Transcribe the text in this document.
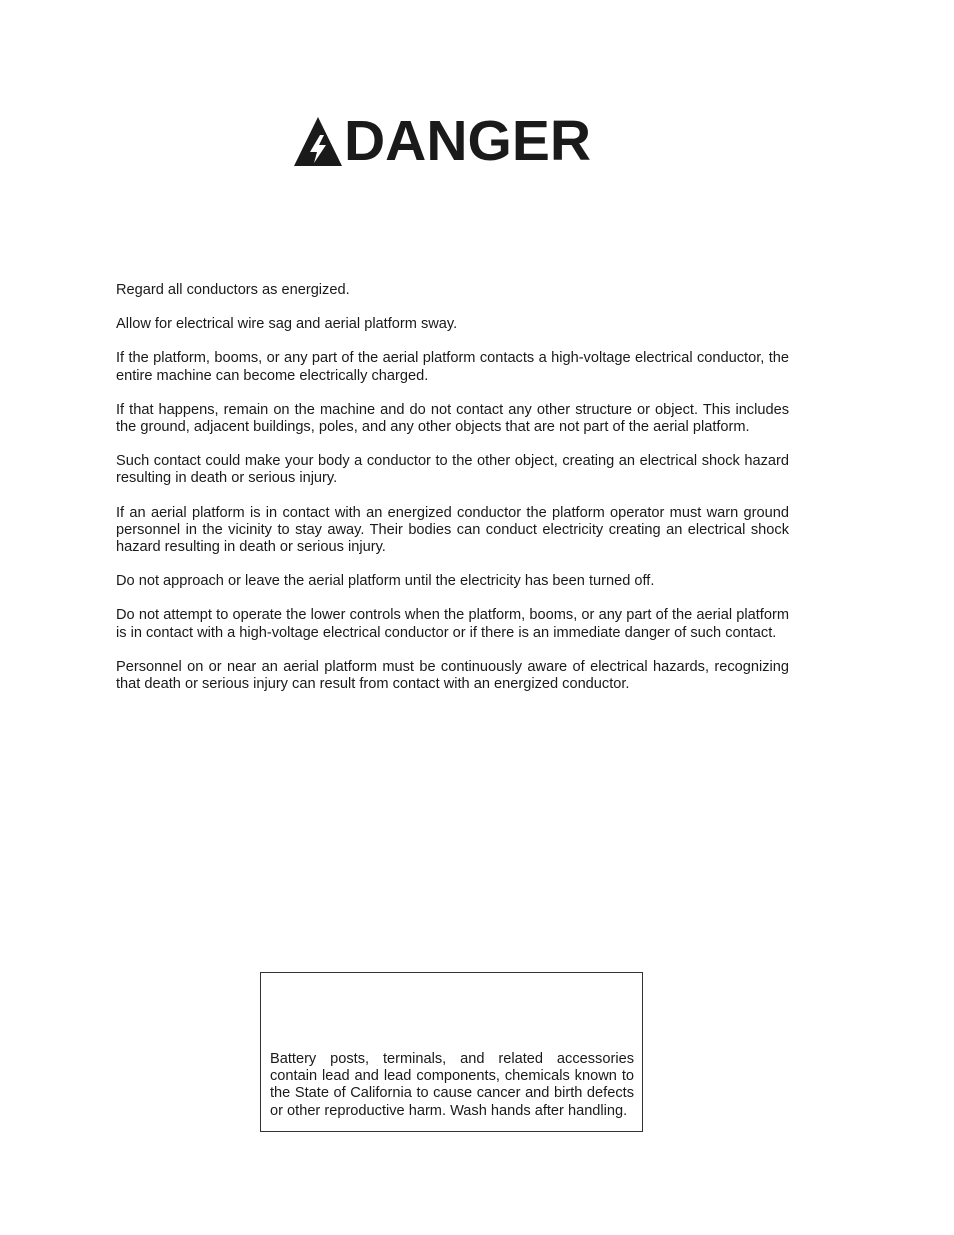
DANGER

Regard all conductors as energized.

Allow for electrical wire sag and aerial platform sway.

If the platform, booms, or any part of the aerial platform contacts a high-voltage electrical conductor, the entire machine can become electrically charged.

If that happens, remain on the machine and do not contact any other structure or object. This includes the ground, adjacent buildings, poles, and any other objects that are not part of the aerial platform.

Such contact could make your body a conductor to the other object, creating an electrical shock hazard resulting in death or serious injury.

If an aerial platform is in contact with an energized conductor the platform operator must warn ground personnel in the vicinity to stay away. Their bodies can conduct electricity creating an electrical shock hazard resulting in death or serious injury.

Do not approach or leave the aerial platform until the electricity has been turned off.

Do not attempt to operate the lower controls when the platform, booms, or any part of the aerial platform is in contact with a high-voltage electrical conductor or if there is an immediate danger of such contact.

Personnel on or near an aerial platform must be continuously aware of electrical hazards, recognizing that death or serious injury can result from contact with an energized conductor.

Battery posts, terminals, and related accessories contain lead and lead components, chemicals known to the State of California to cause cancer and birth defects or other reproductive harm. Wash hands after handling.
